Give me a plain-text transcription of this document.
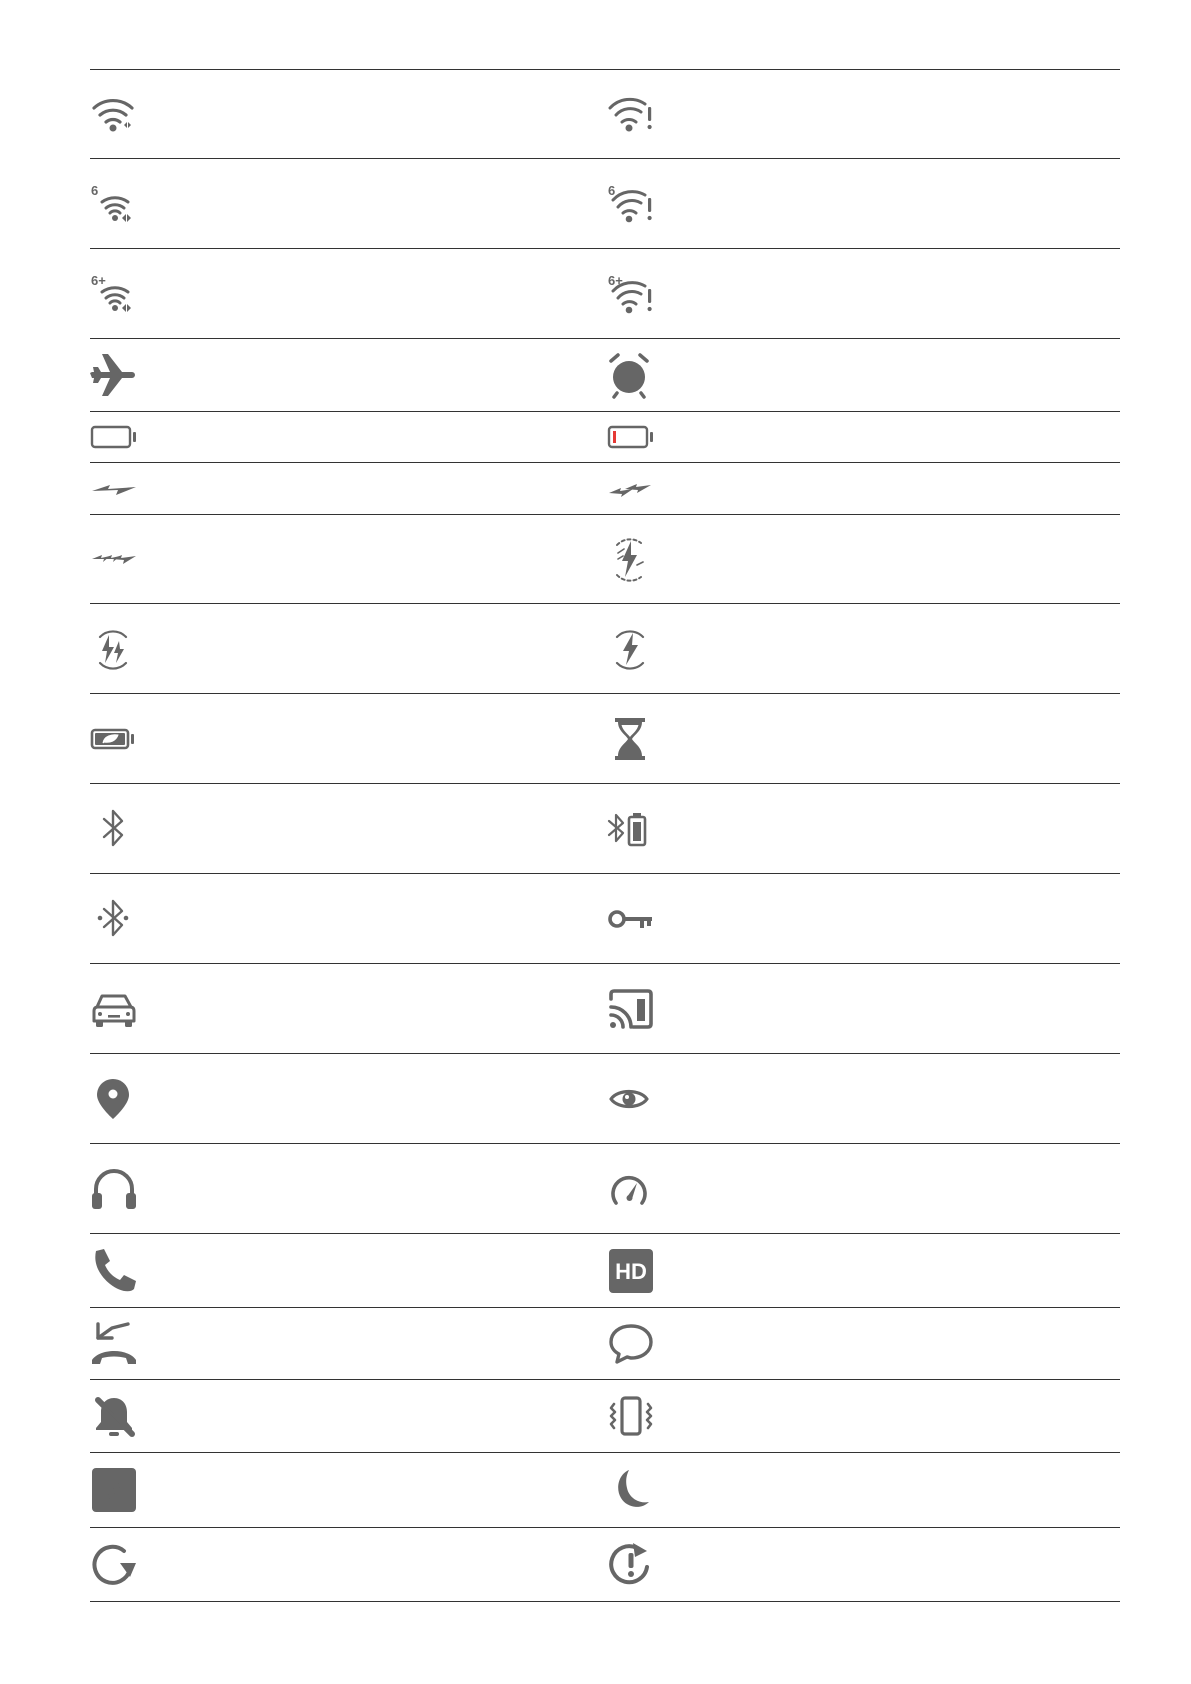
6	6
6+	6+
HD
